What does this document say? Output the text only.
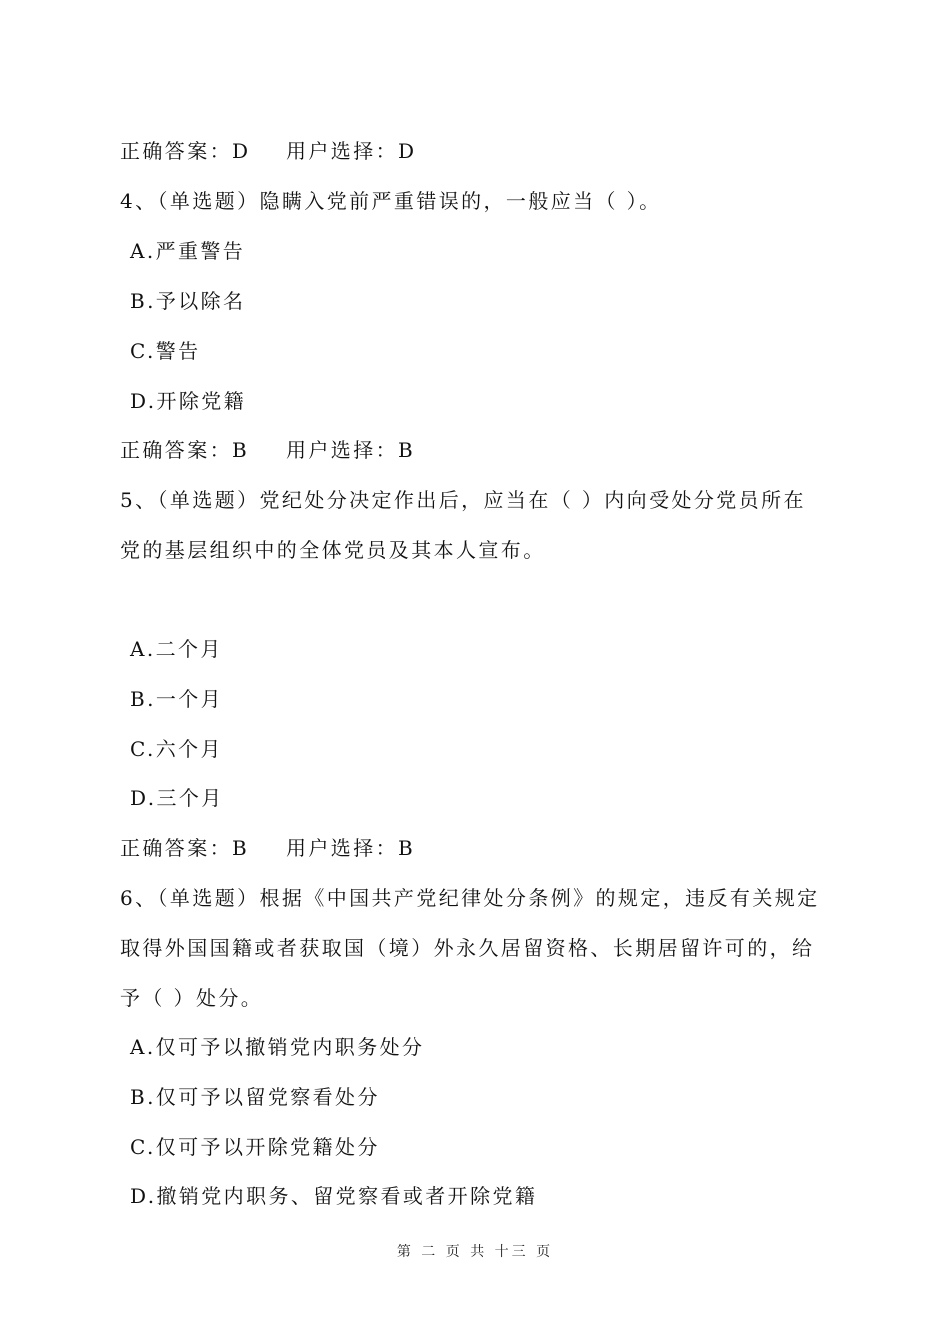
正确答案：D 用户选择：D
4、（单选题）隐瞒入党前严重错误的，一般应当（ ）。
A.严重警告
B.予以除名
C.警告
D.开除党籍
正确答案：B 用户选择：B
5、（单选题）党纪处分决定作出后，应当在（ ）内向受处分党员所在
党的基层组织中的全体党员及其本人宣布。
A.二个月
B.一个月
C.六个月
D.三个月
正确答案：B 用户选择：B
6、（单选题）根据《中国共产党纪律处分条例》的规定，违反有关规定
取得外国国籍或者获取国（境）外永久居留资格、长期居留许可的，给
予（ ）处分。
A.仅可予以撤销党内职务处分
B.仅可予以留党察看处分
C.仅可予以开除党籍处分
D.撤销党内职务、留党察看或者开除党籍
第 二 页 共 十三 页
